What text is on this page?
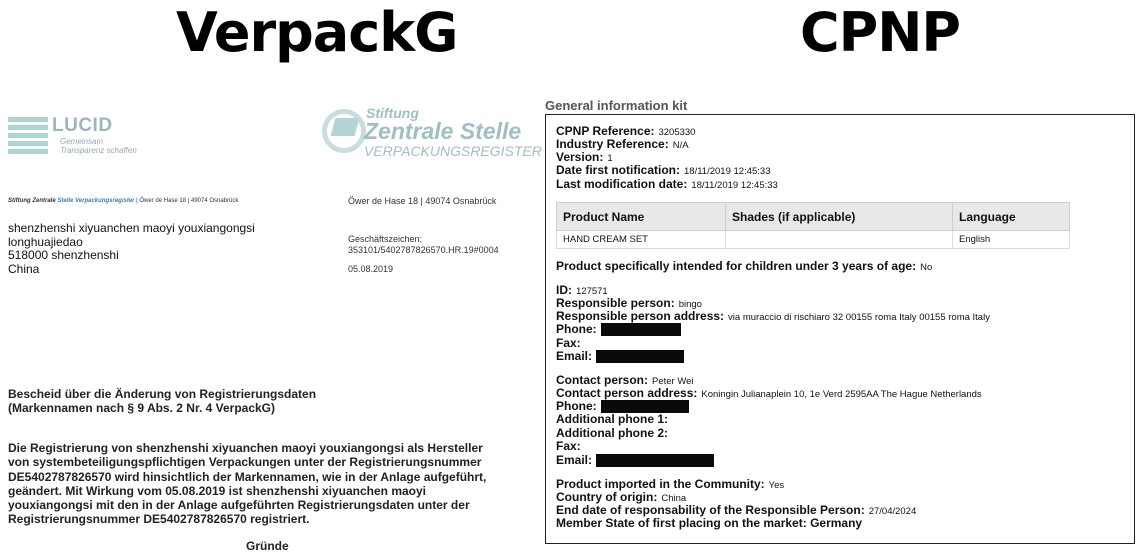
VerpackG	CPNP
LUCID
Gemeinsam
Transparenz schaffen
Stiftung
Zentrale Stelle
VERPACKUNGSREGISTER
Stiftung Zentrale Stelle Verpackungsregister | Öwer de Hase 18 | 49074 Osnabrück	Öwer de Hase 18 | 49074 Osnabrück
shenzhenshi xiyuanchen maoyi youxiangongsi
longhuajiedao
518000 shenzhenshi
China
Geschäftszeichen:
353101/5402787826570.HR.19#0004
05.08.2019
Bescheid über die Änderung von Registrierungsdaten
(Markennamen nach § 9 Abs. 2 Nr. 4 VerpackG)
Die Registrierung von shenzhenshi xiyuanchen maoyi youxiangongsi als Hersteller
von systembeteiligungspflichtigen Verpackungen unter der Registrierungsnummer
DE5402787826570 wird hinsichtlich der Markennamen, wie in der Anlage aufgeführt,
geändert. Mit Wirkung vom 05.08.2019 ist shenzhenshi xiyuanchen maoyi
youxiangongsi mit den in der Anlage aufgeführten Registrierungsdaten unter der
Registrierungsnummer DE5402787826570 registriert.
Gründe
General information kit
CPNP Reference: 3205330
Industry Reference: N/A
Version: 1
Date first notification: 18/11/2019 12:45:33
Last modification date: 18/11/2019 12:45:33
Product Name	Shades (if applicable)	Language
HAND CREAM SET		English
Product specifically intended for children under 3 years of age: No
ID: 127571
Responsible person: bingo
Responsible person address: via muraccio di rischiaro 32 00155 roma Italy 00155 roma Italy
Phone:
Fax:
Email:
Contact person: Peter Wei
Contact person address: Koningin Julianaplein 10, 1e Verd 2595AA The Hague Netherlands
Phone:
Additional phone 1:
Additional phone 2:
Fax:
Email:
Product imported in the Community: Yes
Country of origin: China
End date of responsability of the Responsible Person: 27/04/2024
Member State of first placing on the market: Germany
